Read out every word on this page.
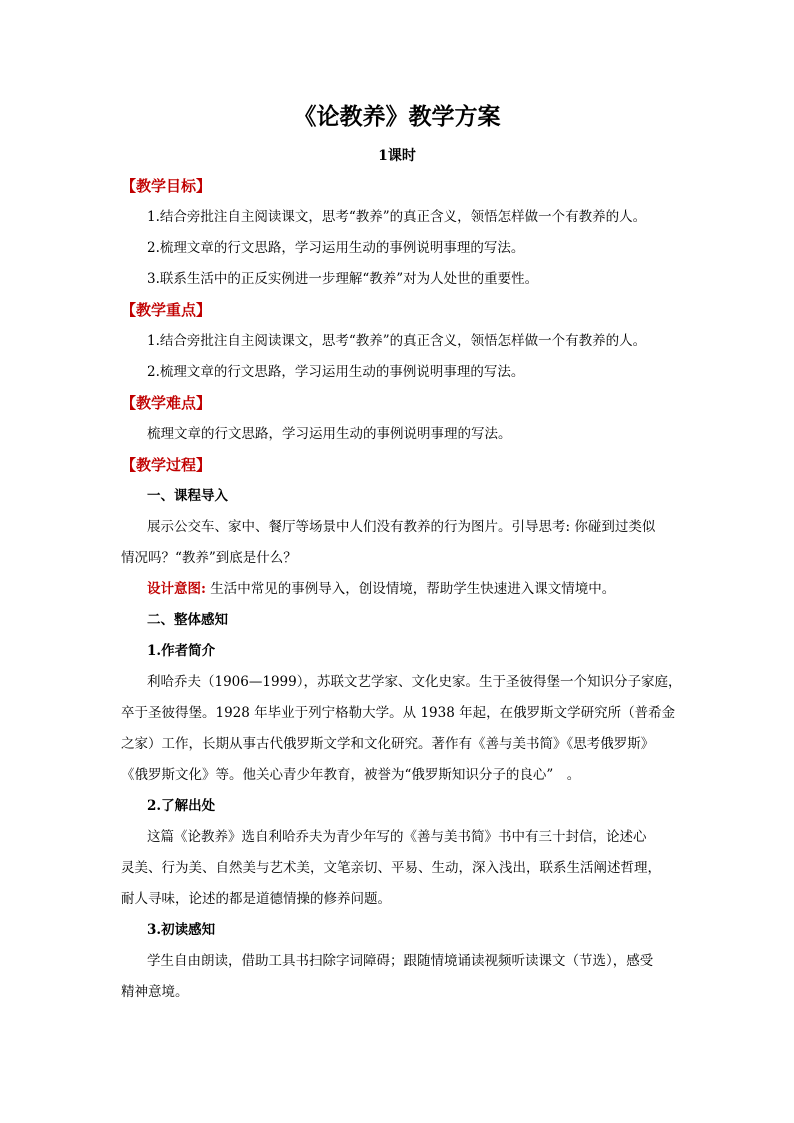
《论教养》教学方案
1课时
【教学目标】
1.结合旁批注自主阅读课文，思考“教养”的真正含义，领悟怎样做一个有教养的人。
2.梳理文章的行文思路，学习运用生动的事例说明事理的写法。
3.联系生活中的正反实例进一步理解“教养”对为人处世的重要性。
【教学重点】
1.结合旁批注自主阅读课文，思考“教养”的真正含义，领悟怎样做一个有教养的人。
2.梳理文章的行文思路，学习运用生动的事例说明事理的写法。
【教学难点】
梳理文章的行文思路，学习运用生动的事例说明事理的写法。
【教学过程】
一、课程导入
展示公交车、家中、餐厅等场景中人们没有教养的行为图片。引导思考: 你碰到过类似
情况吗？“教养”到底是什么？
设计意图: 生活中常见的事例导入，创设情境，帮助学生快速进入课文情境中。
二、整体感知
1.作者简介
利哈乔夫（1906—1999），苏联文艺学家、文化史家。生于圣彼得堡一个知识分子家庭，
卒于圣彼得堡。1928 年毕业于列宁格勒大学。从 1938 年起，在俄罗斯文学研究所（普希金
之家）工作，长期从事古代俄罗斯文学和文化研究。著作有《善与美书简》《思考俄罗斯》
《俄罗斯文化》等。他关心青少年教育，被誉为“俄罗斯知识分子的良心”　。
2.了解出处
这篇《论教养》选自利哈乔夫为青少年写的《善与美书简》书中有三十封信，论述心
灵美、行为美、自然美与艺术美，文笔亲切、平易、生动，深入浅出，联系生活阐述哲理，
耐人寻味，论述的都是道德情操的修养问题。
3.初读感知
学生自由朗读，借助工具书扫除字词障碍；跟随情境诵读视频听读课文（节选），感受
精神意境。
